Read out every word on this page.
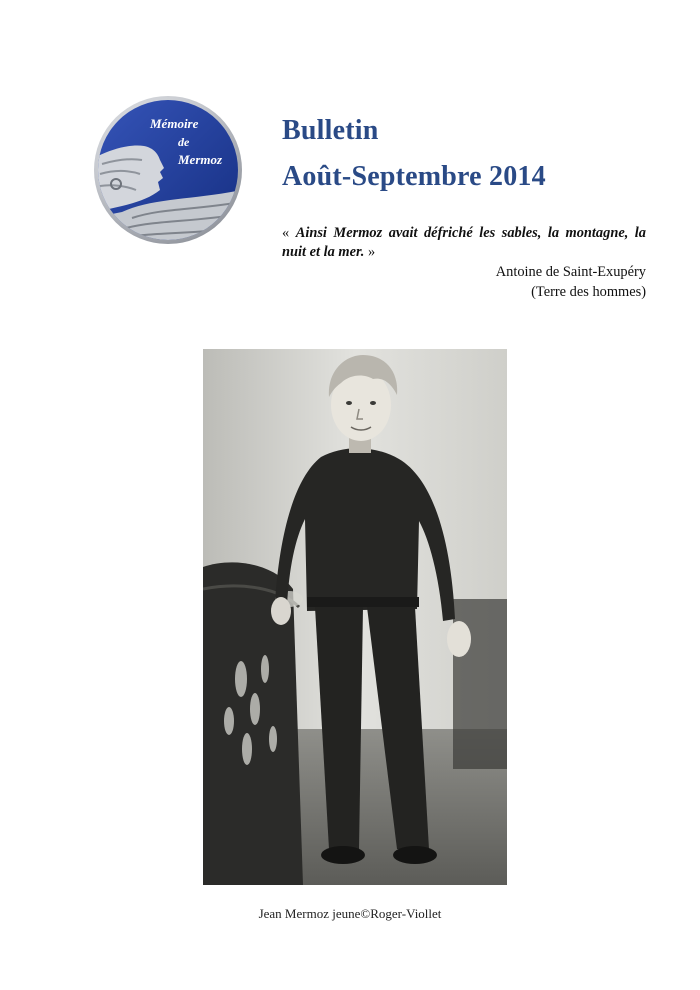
Mémoire
de
Mermoz
Bulletin
Août-Septembre 2014
« Ainsi Mermoz avait défriché les sables, la montagne, la nuit et la mer. »
Antoine de Saint-Exupéry
(Terre des hommes)
Jean Mermoz jeune©Roger-Viollet
